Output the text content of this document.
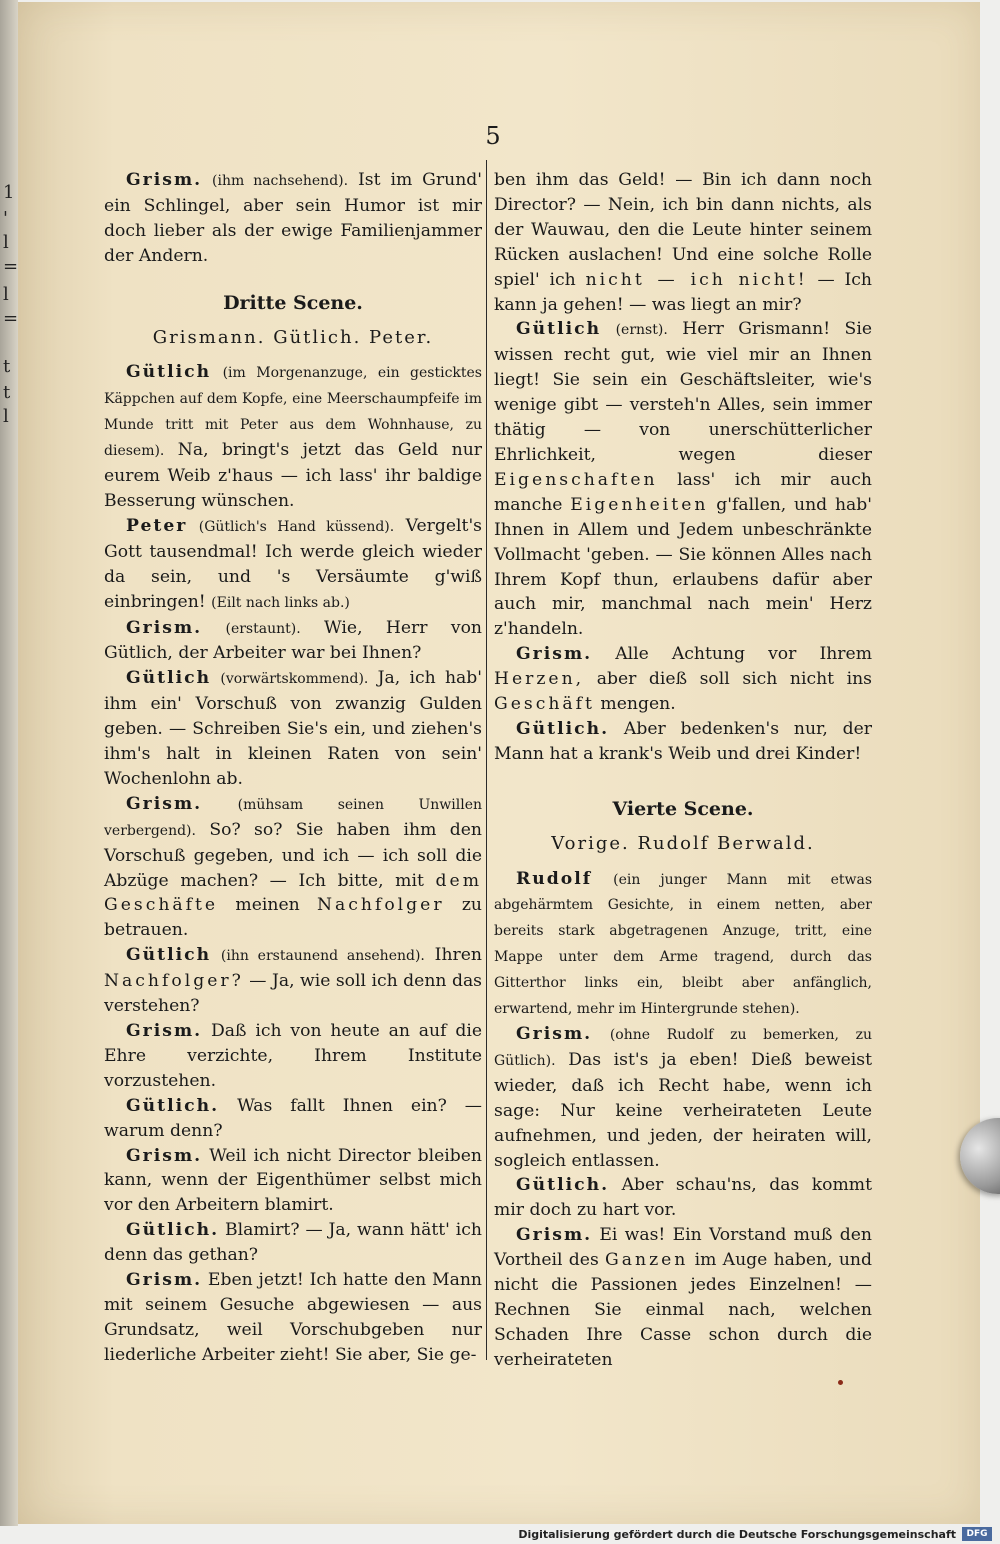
1
'
l
=
l
=
t
t
l
5

Grism. (ihm nachsehend). Ist im Grund' ein Schlingel, aber sein Humor ist mir doch lieber als der ewige Familienjammer der Andern.

Dritte Scene.
Grismann. Gütlich. Peter.

Gütlich (im Morgenanzuge, ein gesticktes Käppchen auf dem Kopfe, eine Meerschaumpfeife im Munde tritt mit Peter aus dem Wohnhause, zu diesem). Na, bringt's jetzt das Geld nur eurem Weib z'haus — ich lass' ihr baldige Besserung wünschen.

Peter (Gütlich's Hand küssend). Vergelt's Gott tausendmal! Ich werde gleich wieder da sein, und 's Versäumte g'wiß einbringen! (Eilt nach links ab.)

Grism. (erstaunt). Wie, Herr von Gütlich, der Arbeiter war bei Ihnen?

Gütlich (vorwärtskommend). Ja, ich hab' ihm ein' Vorschuß von zwanzig Gulden geben. — Schreiben Sie's ein, und ziehen's ihm's halt in kleinen Raten von sein' Wochenlohn ab.

Grism.	(mühsam seinen Unwillen verbergend). So? so? Sie haben ihm den Vorschuß gegeben, und ich — ich soll die Abzüge machen? — Ich bitte, mit dem Geschäfte meinen Nachfolger zu betrauen.

Gütlich (ihn erstaunend ansehend). Ihren Nachfolger? — Ja, wie soll ich denn das verstehen?

Grism. Daß ich von heute an auf die Ehre verzichte, Ihrem Institute vorzustehen.

Gütlich. Was fallt Ihnen ein? — warum denn?

Grism. Weil ich nicht Director bleiben kann, wenn der Eigenthümer selbst mich vor den Arbeitern blamirt.

Gütlich. Blamirt? — Ja, wann hätt' ich denn das gethan?

Grism. Eben jetzt! Ich hatte den Mann mit seinem Gesuche abgewiesen — aus Grundsatz, weil Vorschubgeben nur liederliche Arbeiter zieht! Sie aber, Sie ge-

ben ihm das Geld! — Bin ich dann noch Director? — Nein, ich bin dann nichts, als der Wauwau, den die Leute hinter seinem Rücken auslachen! Und eine solche Rolle spiel' ich nicht — ich nicht! — Ich kann ja gehen! — was liegt an mir?

Gütlich (ernst). Herr Grismann! Sie wissen recht gut, wie viel mir an Ihnen liegt! Sie sein ein Geschäftsleiter, wie's wenige gibt — versteh'n Alles, sein immer thätig — von unerschütterlicher Ehrlichkeit, wegen dieser Eigenschaften lass' ich mir auch manche Eigenheiten g'fallen, und hab' Ihnen in Allem und Jedem unbeschränkte Vollmacht 'geben. — Sie können Alles nach Ihrem Kopf thun, erlaubens dafür aber auch mir, manchmal nach mein' Herz z'handeln.

Grism. Alle Achtung vor Ihrem Herzen, aber dieß soll sich nicht ins Geschäft mengen.

Gütlich. Aber bedenken's nur, der Mann hat a krank's Weib und drei Kinder!

Vierte Scene.
Vorige. Rudolf Berwald.

Rudolf (ein junger Mann mit etwas abgehärmtem Gesichte, in einem netten, aber bereits stark abgetragenen Anzuge, tritt, eine Mappe unter dem Arme tragend, durch das Gitterthor links ein, bleibt aber anfänglich, erwartend, mehr im Hintergrunde stehen).

Grism. (ohne Rudolf zu bemerken, zu Gütlich). Das ist's ja eben! Dieß beweist wieder, daß ich Recht habe, wenn ich sage: Nur keine verheirateten Leute aufnehmen, und jeden, der heiraten will, sogleich entlassen.

Gütlich. Aber schau'ns, das kommt mir doch zu hart vor.

Grism. Ei was! Ein Vorstand muß den Vortheil des Ganzen im Auge haben, und nicht die Passionen jedes Einzelnen! — Rechnen Sie einmal nach, welchen Schaden Ihre Casse schon durch die verheirateten

Digitalisierung gefördert durch die Deutsche Forschungsgemeinschaft	DFG
